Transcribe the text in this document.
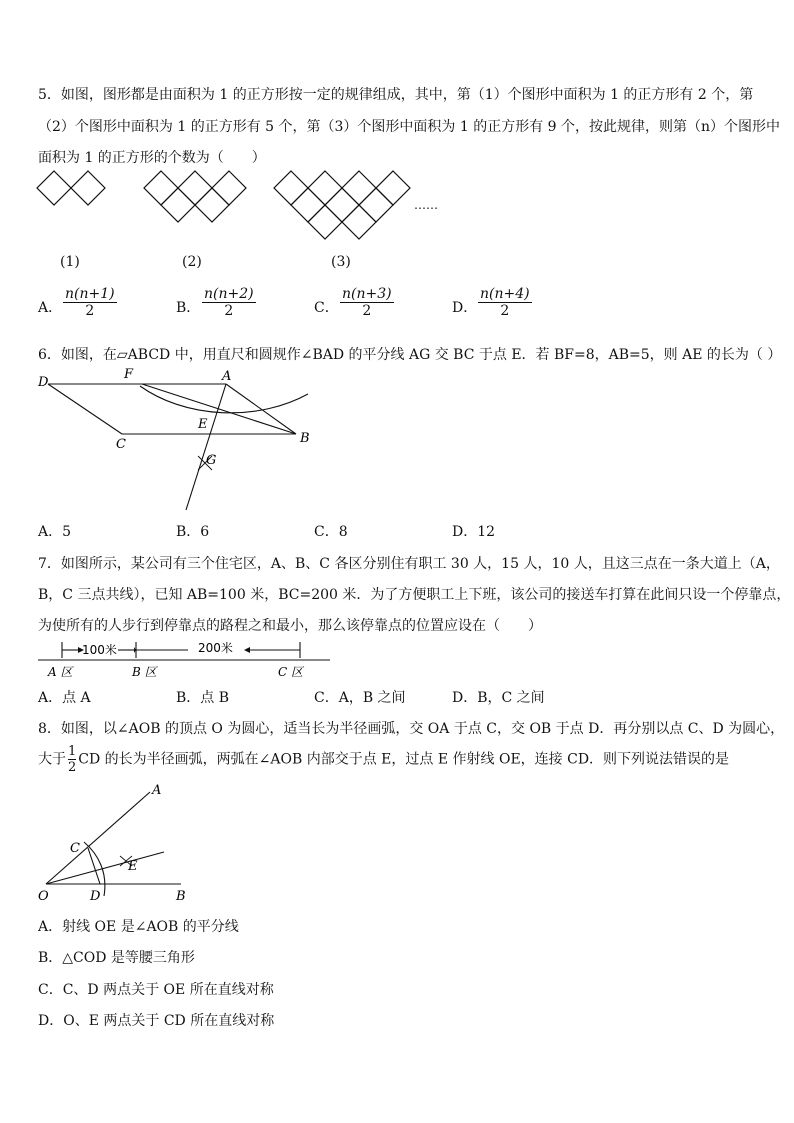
5．如图，图形都是由面积为 1 的正方形按一定的规律组成，其中，第（1）个图形中面积为 1 的正方形有 2 个，第
（2）个图形中面积为 1 的正方形有 5 个，第（3）个图形中面积为 1 的正方形有 9 个，按此规律，则第（n）个图形中
面积为 1 的正方形的个数为（　　）
……
(1)	(2)	(3)
A． $\frac{n(n+1)}{2}$	B． $\frac{n(n+2)}{2}$	C． $\frac{n(n+3)}{2}$	D． $\frac{n(n+4)}{2}$
6．如图，在▱ABCD 中，用直尺和圆规作∠BAD 的平分线 AG 交 BC 于点 E．若 BF=8，AB=5，则 AE 的长为（ ）
D
F	A
E
C	B
G
A．5	B．6	C．8	D．12
7．如图所示，某公司有三个住宅区，A、B、C 各区分别住有职工 30 人，15 人，10 人，且这三点在一条大道上（A，
B，C 三点共线），已知 AB=100 米，BC=200 米．为了方便职工上下班，该公司的接送车打算在此间只设一个停靠点，
为使所有的人步行到停靠点的路程之和最小，那么该停靠点的位置应设在（　　）
100米	200米
A 区	B 区	C 区
A．点 A	B．点 B	C．A，B 之间	D．B，C 之间
8．如图，以∠AOB 的顶点 O 为圆心，适当长为半径画弧，交 OA 于点 C，交 OB 于点 D．再分别以点 C、D 为圆心，
大于 $\frac{1}{2}$ CD 的长为半径画弧，两弧在∠AOB 内部交于点 E，过点 E 作射线 OE，连接 CD．则下列说法错误的是
A
C
E
O	D	B
A．射线 OE 是∠AOB 的平分线
B．△COD 是等腰三角形
C．C、D 两点关于 OE 所在直线对称
D．O、E 两点关于 CD 所在直线对称
